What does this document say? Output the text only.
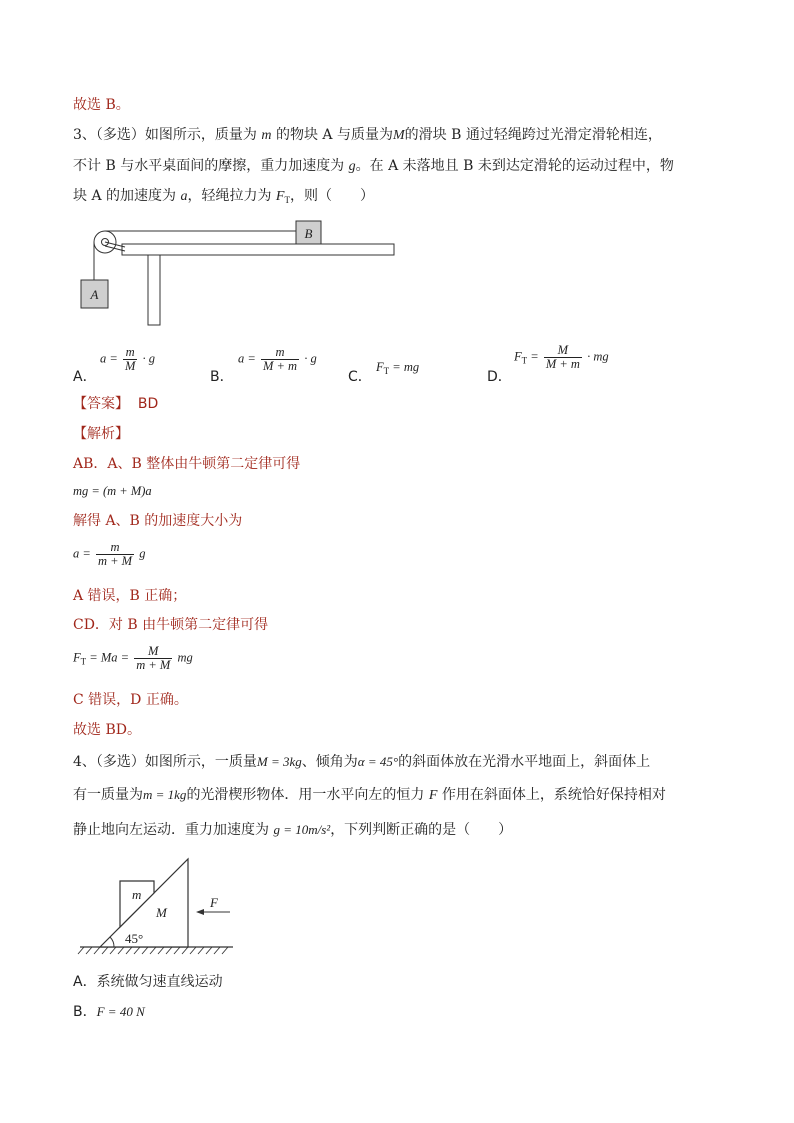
故选 B。
3、（多选）如图所示，质量为 m 的物块 A 与质量为M的滑块 B 通过轻绳跨过光滑定滑轮相连，
不计 B 与水平桌面间的摩擦，重力加速度为 g。在 A 未落地且 B 未到达定滑轮的运动过程中，物
块 A 的加速度为 a，轻绳拉力为 $F_T$，则（　　）
B
A
A．
$a = \frac{m}{M} \cdot g$
B．
$a = \frac{m}{M + m} \cdot g$
C．
$F_T$ = mg
D．
$F_T = \frac{M}{M + m}$ · mg
【答案】 BD
【解析】
AB．A、B 整体由牛顿第二定律可得
mg = (m + M)a
解得 A、B 的加速度大小为
$a = \frac{m}{m + M}$ g
A 错误，B 正确；
CD．对 B 由牛顿第二定律可得
$F_T = Ma = \frac{M}{m + M}$ mg
C 错误，D 正确。
故选 BD。
4、（多选）如图所示，一质量M = 3kg、倾角为α = 45°的斜面体放在光滑水平地面上，斜面体上
有一质量为m = 1kg的光滑楔形物体．用一水平向左的恒力 F 作用在斜面体上，系统恰好保持相对
静止地向左运动．重力加速度为 g = 10m/s²，下列判断正确的是（　　）
m
M
45°
F
A．系统做匀速直线运动
B．F = 40 N
